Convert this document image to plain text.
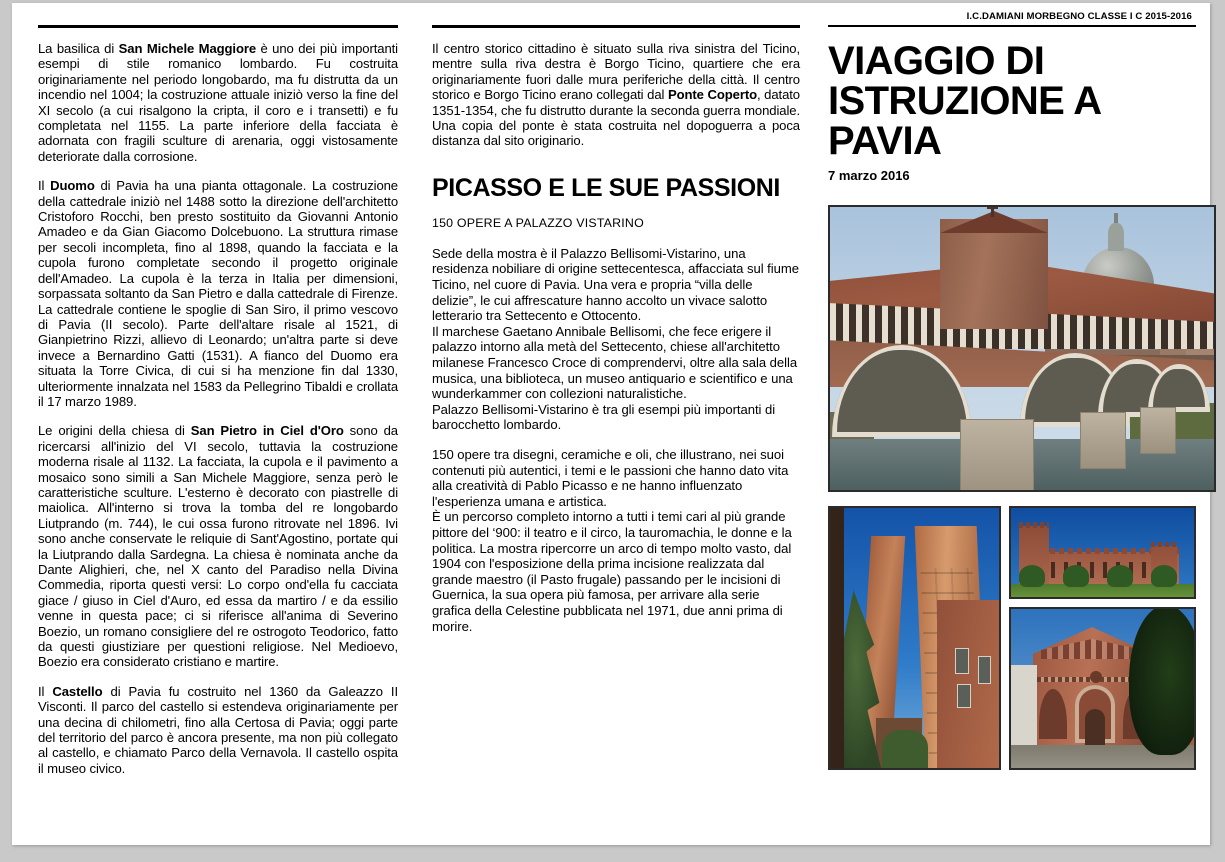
La basilica di San Michele Maggiore è uno dei più importanti esempi di stile romanico lombardo. Fu costruita originariamente nel periodo longobardo, ma fu distrutta da un incendio nel 1004; la costruzione attuale iniziò verso la fine del XI secolo (a cui risalgono la cripta, il coro e i transetti) e fu completata nel 1155. La parte inferiore della facciata è adornata con fragili sculture di arenaria, oggi vistosamente deteriorate dalla corrosione.

Il Duomo di Pavia ha una pianta ottagonale. La costruzione della cattedrale iniziò nel 1488 sotto la direzione dell'architetto Cristoforo Rocchi, ben presto sostituito da Giovanni Antonio Amadeo e da Gian Giacomo Dolcebuono. La struttura rimase per secoli incompleta, fino al 1898, quando la facciata e la cupola furono completate secondo il progetto originale dell'Amadeo. La cupola è la terza in Italia per dimensioni, sorpassata soltanto da San Pietro e dalla cattedrale di Firenze. La cattedrale contiene le spoglie di San Siro, il primo vescovo di Pavia (II secolo). Parte dell'altare risale al 1521, di Gianpietrino Rizzi, allievo di Leonardo; un'altra parte si deve invece a Bernardino Gatti (1531). A fianco del Duomo era situata la Torre Civica, di cui si ha menzione fin dal 1330, ulteriormente innalzata nel 1583 da Pellegrino Tibaldi e crollata il 17 marzo 1989.

Le origini della chiesa di San Pietro in Ciel d'Oro sono da ricercarsi all'inizio del VI secolo, tuttavia la costruzione moderna risale al 1132. La facciata, la cupola e il pavimento a mosaico sono simili a San Michele Maggiore, senza però le caratteristiche sculture. L'esterno è decorato con piastrelle di maiolica. All'interno si trova la tomba del re longobardo Liutprando (m. 744), le cui ossa furono ritrovate nel 1896. Ivi sono anche conservate le reliquie di Sant'Agostino, portate qui la Liutprando dalla Sardegna. La chiesa è nominata anche da Dante Alighieri, che, nel X canto del Paradiso nella Divina Commedia, riporta questi versi: Lo corpo ond'ella fu cacciata giace / giuso in Ciel d'Auro, ed essa da martiro / e da essilio venne in questa pace; ci si riferisce all'anima di Severino Boezio, un romano consigliere del re ostrogoto Teodorico, fatto da questi giustiziare per questioni religiose. Nel Medioevo, Boezio era considerato cristiano e martire.

Il Castello di Pavia fu costruito nel 1360 da Galeazzo II Visconti. Il parco del castello si estendeva originariamente per una decina di chilometri, fino alla Certosa di Pavia; oggi parte del territorio del parco è ancora presente, ma non più collegato al castello, e chiamato Parco della Vernavola. Il castello ospita il museo civico.

Il centro storico cittadino è situato sulla riva sinistra del Ticino, mentre sulla riva destra è Borgo Ticino, quartiere che era originariamente fuori dalle mura periferiche della città. Il centro storico e Borgo Ticino erano collegati dal Ponte Coperto, datato 1351-1354, che fu distrutto durante la seconda guerra mondiale. Una copia del ponte è stata costruita nel dopoguerra a poca distanza dal sito originario.

PICASSO E LE SUE PASSIONI
150 OPERE A PALAZZO VISTARINO

Sede della mostra è il Palazzo Bellisomi-Vistarino, una residenza nobiliare di origine settecentesca, affacciata sul fiume Ticino, nel cuore di Pavia. Una vera e propria “villa delle delizie”, le cui affrescature hanno accolto un vivace salotto letterario tra Settecento e Ottocento.
Il marchese Gaetano Annibale Bellisomi, che fece erigere il palazzo intorno alla metà del Settecento, chiese all'architetto milanese Francesco Croce di comprendervi, oltre alla sala della musica, una biblioteca, un museo antiquario e scientifico e una wunderkammer con collezioni naturalistiche.
Palazzo Bellisomi-Vistarino è tra gli esempi più importanti di barocchetto lombardo.

150 opere tra disegni, ceramiche e oli, che illustrano, nei suoi contenuti più autentici, i temi e le passioni che hanno dato vita alla creatività di Pablo Picasso e ne hanno influenzato l'esperienza umana e artistica.
È un percorso completo intorno a tutti i temi cari al più grande pittore del ‘900: il teatro e il circo, la tauromachia, le donne e la politica. La mostra ripercorre un arco di tempo molto vasto, dal 1904 con l'esposizione della prima incisione realizzata dal grande maestro (il Pasto frugale) passando per le incisioni di Guernica, la sua opera più famosa, per arrivare alla serie grafica della Celestine pubblicata nel 1971, due anni prima di morire.

I.C.DAMIANI MORBEGNO CLASSE I C 2015-2016
VIAGGIO DI ISTRUZIONE A PAVIA
7 marzo 2016
